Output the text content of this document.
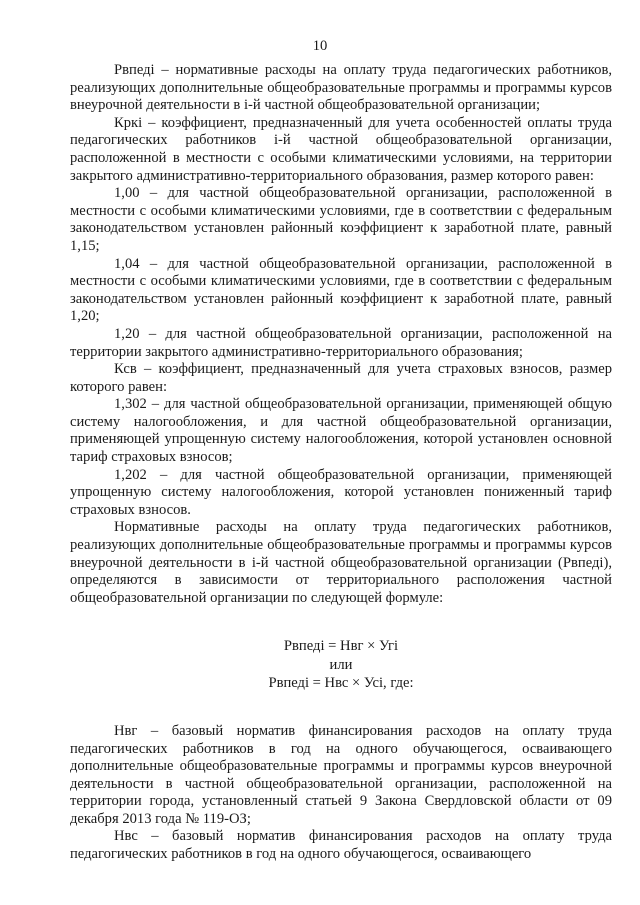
10

Рвпедi – нормативные расходы на оплату труда педагогических работников, реализующих дополнительные общеобразовательные программы и программы курсов внеурочной деятельности в i-й частной общеобразовательной организации;

Кркi – коэффициент, предназначенный для учета особенностей оплаты труда педагогических работников i-й частной общеобразовательной организации, расположенной в местности с особыми климатическими условиями, на территории закрытого административно-территориального образования, размер которого равен:

1,00 – для частной общеобразовательной организации, расположенной в местности с особыми климатическими условиями, где в соответствии с федеральным законодательством установлен районный коэффициент к заработной плате, равный 1,15;

1,04 – для частной общеобразовательной организации, расположенной в местности с особыми климатическими условиями, где в соответствии с федеральным законодательством установлен районный коэффициент к заработной плате, равный 1,20;

1,20 – для частной общеобразовательной организации, расположенной на территории закрытого административно-территориального образования;

Ксв – коэффициент, предназначенный для учета страховых взносов, размер которого равен:

1,302 – для частной общеобразовательной организации, применяющей общую систему налогообложения, и для частной общеобразовательной организации, применяющей упрощенную систему налогообложения, которой установлен основной тариф страховых взносов;

1,202 – для частной общеобразовательной организации, применяющей упрощенную систему налогообложения, которой установлен пониженный тариф страховых взносов.

Нормативные расходы на оплату труда педагогических работников, реализующих дополнительные общеобразовательные программы и программы курсов внеурочной деятельности в i-й частной общеобразовательной организации (Рвпедi), определяются в зависимости от территориального расположения частной общеобразовательной организации по следующей формуле:

Рвпедi = Нвг × Угi
или
Рвпедi = Нвс × Усi, где:

Нвг – базовый норматив финансирования расходов на оплату труда педагогических работников в год на одного обучающегося, осваивающего дополнительные общеобразовательные программы и программы курсов внеурочной деятельности в частной общеобразовательной организации, расположенной на территории города, установленный статьей 9 Закона Свердловской области от 09 декабря 2013 года № 119-ОЗ;

Нвс – базовый норматив финансирования расходов на оплату труда педагогических работников в год на одного обучающегося, осваивающего
